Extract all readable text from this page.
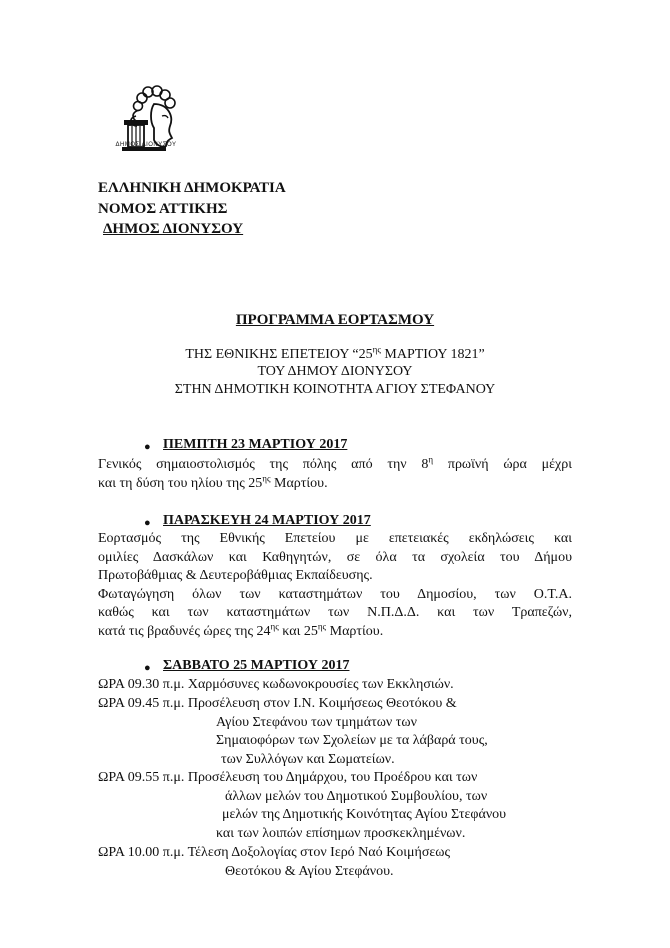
ΔΗΜΟΣ ΔΙΟΝΥΣΟΥ
ΕΛΛΗΝΙΚΗ ΔΗΜΟΚΡΑΤΙΑ
ΝΟΜΟΣ ΑΤΤΙΚΗΣ
ΔΗΜΟΣ ΔΙΟΝΥΣΟΥ
ΠΡΟΓΡΑΜΜΑ ΕΟΡΤΑΣΜΟΥ
ΤΗΣ ΕΘΝΙΚΗΣ ΕΠΕΤΕΙΟΥ “$25^{\eta\varsigma}$ ΜΑΡΤΙΟΥ 1821”
ΤΟΥ ΔΗΜΟΥ ΔΙΟΝΥΣΟΥ
ΣΤΗΝ ΔΗΜΟΤΙΚΗ ΚΟΙΝΟΤΗΤΑ ΑΓΙΟΥ ΣΤΕΦΑΝΟΥ
● ΠΕΜΠΤΗ 23 ΜΑΡΤΙΟΥ 2017
Γενικός σημαιοστολισμός της πόλης από την $8^\eta$ πρωϊνή ώρα μέχρι
και τη δύση του ηλίου της $25^{\eta\varsigma}$ Μαρτίου.
● ΠΑΡΑΣΚΕΥΗ 24 ΜΑΡΤΙΟΥ 2017
Εορτασμός της Εθνικής Επετείου με επετειακές εκδηλώσεις και
ομιλίες Δασκάλων και Καθηγητών, σε όλα τα σχολεία του Δήμου
Πρωτοβάθμιας & Δευτεροβάθμιας Εκπαίδευσης.
Φωταγώγηση όλων των καταστημάτων του Δημοσίου, των Ο.Τ.Α.
καθώς και των καταστημάτων των Ν.Π.Δ.Δ. και των Τραπεζών,
κατά τις βραδυνές ώρες της $24^{\eta\varsigma}$ και $25^{\eta\varsigma}$ Μαρτίου.
● ΣΑΒΒΑΤΟ 25 ΜΑΡΤΙΟΥ 2017
ΩΡΑ 09.30 π.μ. Χαρμόσυνες κωδωνοκρουσίες των Εκκλησιών.
ΩΡΑ 09.45 π.μ. Προσέλευση στον Ι.Ν. Κοιμήσεως Θεοτόκου &
Αγίου Στεφάνου των τμημάτων των
Σημαιοφόρων των Σχολείων με τα λάβαρά τους,
των Συλλόγων και Σωματείων.
ΩΡΑ 09.55 π.μ. Προσέλευση του Δημάρχου, του Προέδρου και των
άλλων μελών του Δημοτικού Συμβουλίου, των
μελών της Δημοτικής Κοινότητας Αγίου Στεφάνου
και των λοιπών επίσημων προσκεκλημένων.
ΩΡΑ 10.00 π.μ. Τέλεση Δοξολογίας στον Ιερό Ναό Κοιμήσεως
Θεοτόκου & Αγίου Στεφάνου.
